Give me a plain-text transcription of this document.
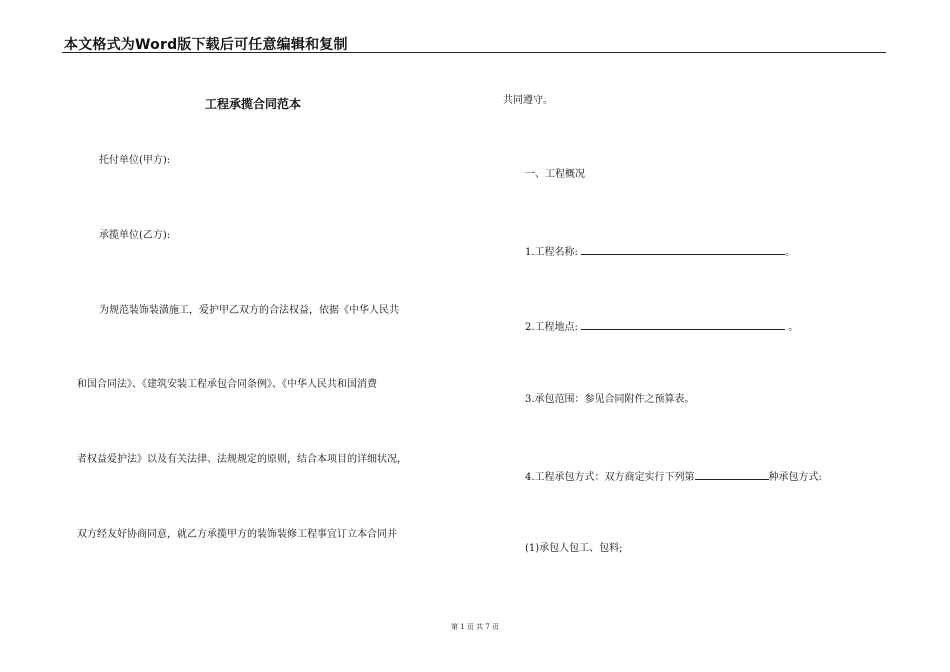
本文格式为Word版下载后可任意编辑和复制
工程承揽合同范本
托付单位(甲方):
承揽单位(乙方):
为规范装饰装潢施工，爱护甲乙双方的合法权益，依据《中华人民共
和国合同法》、《建筑安装工程承包合同条例》、《中华人民共和国消费
者权益爱护法》以及有关法律、法规规定的原则，结合本项目的详细状况，
双方经友好协商同意，就乙方承揽甲方的装饰装修工程事宜订立本合同并
共同遵守。
一、工程概况
1.工程名称:	。
2.工程地点:	。
3.承包范围：参见合同附件之预算表。
4.工程承包方式：双方商定实行下列第	种承包方式:
(1)承包人包工、包料;
第 1 页 共 7 页
